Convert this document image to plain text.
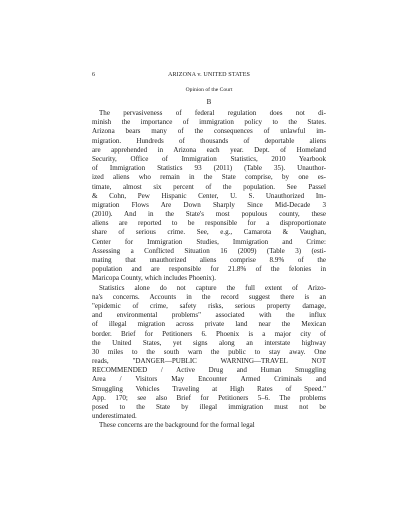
6	ARIZONA v. UNITED STATES
Opinion of the Court
B

The pervasiveness of federal regulation does not di-
minish the importance of immigration policy to the States.
Arizona bears many of the consequences of unlawful im-
migration. Hundreds of thousands of deportable aliens
are apprehended in Arizona each year. Dept. of Homeland
Security, Office of Immigration Statistics, 2010 Yearbook
of Immigration Statistics 93 (2011) (Table 35). Unauthor-
ized aliens who remain in the State comprise, by one es-
timate, almost six percent of the population. See Passel
& Cohn, Pew Hispanic Center, U. S. Unauthorized Im-
migration Flows Are Down Sharply Since Mid-Decade 3
(2010). And in the State's most populous county, these
aliens are reported to be responsible for a disproportionate
share of serious crime. See, e.g., Camarota & Vaughan,
Center for Immigration Studies, Immigration and Crime:
Assessing a Conflicted Situation 16 (2009) (Table 3) (esti-
mating that unauthorized aliens comprise 8.9% of the
population and are responsible for 21.8% of the felonies in
Maricopa County, which includes Phoenix).

Statistics alone do not capture the full extent of Arizo-
na's concerns. Accounts in the record suggest there is an
"epidemic of crime, safety risks, serious property damage,
and environmental problems" associated with the influx
of illegal migration across private land near the Mexican
border. Brief for Petitioners 6. Phoenix is a major city of
the United States, yet signs along an interstate highway
30 miles to the south warn the public to stay away. One
reads, "DANGER—PUBLIC WARNING—TRAVEL NOT
RECOMMENDED / Active Drug and Human Smuggling
Area / Visitors May Encounter Armed Criminals and
Smuggling Vehicles Traveling at High Rates of Speed."
App. 170; see also Brief for Petitioners 5–6. The problems
posed to the State by illegal immigration must not be
underestimated.

These concerns are the background for the formal legal
